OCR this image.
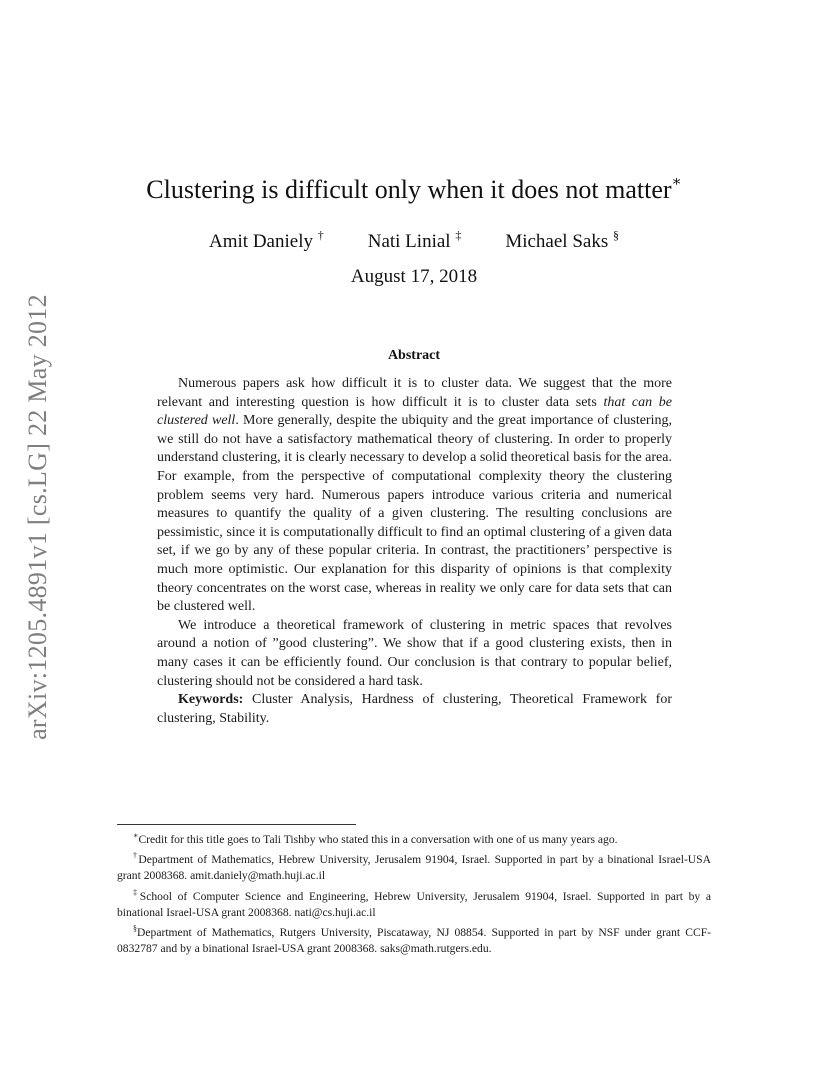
arXiv:1205.4891v1 [cs.LG] 22 May 2012
Clustering is difficult only when it does not matter∗
Amit Daniely † Nati Linial ‡ Michael Saks §
August 17, 2018
Abstract

Numerous papers ask how difficult it is to cluster data. We suggest that the more relevant and interesting question is how difficult it is to cluster data sets that can be clustered well. More generally, despite the ubiquity and the great importance of clustering, we still do not have a satisfactory mathematical theory of clustering. In order to properly understand clustering, it is clearly necessary to develop a solid theoretical basis for the area. For example, from the perspective of computational complexity theory the clustering problem seems very hard. Numerous papers introduce various criteria and numerical measures to quantify the quality of a given clustering. The resulting conclusions are pessimistic, since it is computationally difficult to find an optimal clustering of a given data set, if we go by any of these popular criteria. In contrast, the practitioners’ perspective is much more optimistic. Our explanation for this disparity of opinions is that complexity theory concentrates on the worst case, whereas in reality we only care for data sets that can be clustered well.

We introduce a theoretical framework of clustering in metric spaces that revolves around a notion of ”good clustering”. We show that if a good clustering exists, then in many cases it can be efficiently found. Our conclusion is that contrary to popular belief, clustering should not be considered a hard task.

Keywords: Cluster Analysis, Hardness of clustering, Theoretical Framework for clustering, Stability.

∗Credit for this title goes to Tali Tishby who stated this in a conversation with one of us many years ago.

†Department of Mathematics, Hebrew University, Jerusalem 91904, Israel. Supported in part by a binational Israel-USA grant 2008368. amit.daniely@math.huji.ac.il

‡School of Computer Science and Engineering, Hebrew University, Jerusalem 91904, Israel. Supported in part by a binational Israel-USA grant 2008368. nati@cs.huji.ac.il

§Department of Mathematics, Rutgers University, Piscataway, NJ 08854. Supported in part by NSF under grant CCF-0832787 and by a binational Israel-USA grant 2008368. saks@math.rutgers.edu.
